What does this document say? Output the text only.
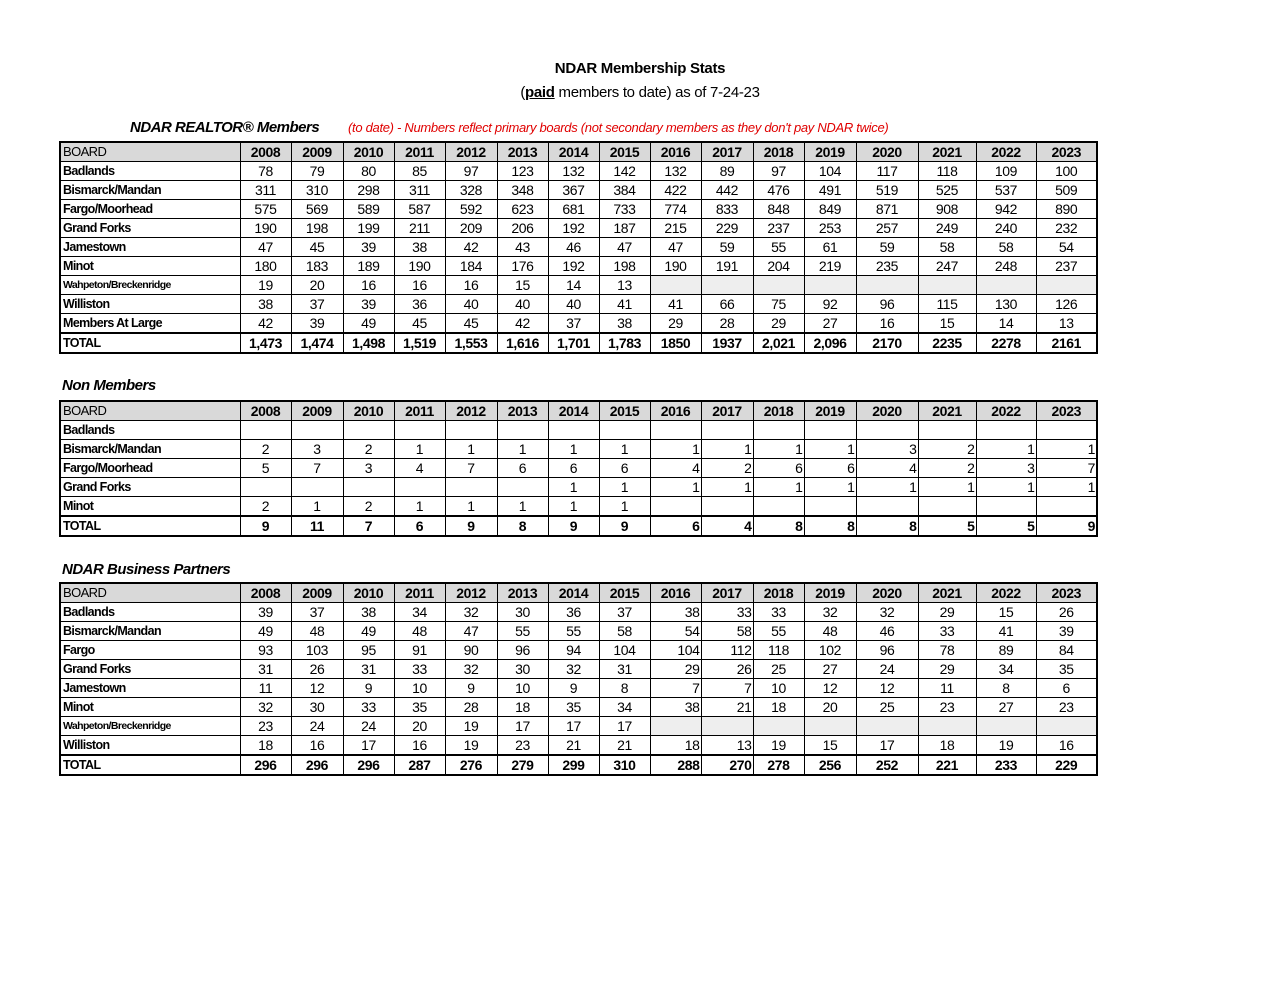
NDAR Membership Stats
(paid members to date) as of 7-24-23
NDAR REALTOR® Members (to date) - Numbers reflect primary boards (not secondary members as they don't pay NDAR twice)
BOARD	2008	2009	2010	2011	2012	2013	2014	2015	2016	2017	2018	2019	2020	2021	2022	2023
Badlands	78	79	80	85	97	123	132	142	132	89	97	104	117	118	109	100
Bismarck/Mandan	311	310	298	311	328	348	367	384	422	442	476	491	519	525	537	509
Fargo/Moorhead	575	569	589	587	592	623	681	733	774	833	848	849	871	908	942	890
Grand Forks	190	198	199	211	209	206	192	187	215	229	237	253	257	249	240	232
Jamestown	47	45	39	38	42	43	46	47	47	59	55	61	59	58	58	54
Minot	180	183	189	190	184	176	192	198	190	191	204	219	235	247	248	237
Wahpeton/Breckenridge	19	20	16	16	16	15	14	13								
Williston	38	37	39	36	40	40	40	41	41	66	75	92	96	115	130	126
Members At Large	42	39	49	45	45	42	37	38	29	28	29	27	16	15	14	13
TOTAL	1,473	1,474	1,498	1,519	1,553	1,616	1,701	1,783	1850	1937	2,021	2,096	2170	2235	2278	2161
Non Members
BOARD	2008	2009	2010	2011	2012	2013	2014	2015	2016	2017	2018	2019	2020	2021	2022	2023
Badlands																
Bismarck/Mandan	2	3	2	1	1	1	1	1	1	1	1	1	3	2	1	1
Fargo/Moorhead	5	7	3	4	7	6	6	6	4	2	6	6	4	2	3	7
Grand Forks							1	1	1	1	1	1	1	1	1	1
Minot	2	1	2	1	1	1	1	1								
TOTAL	9	11	7	6	9	8	9	9	6	4	8	8	8	5	5	9
NDAR Business Partners
BOARD	2008	2009	2010	2011	2012	2013	2014	2015	2016	2017	2018	2019	2020	2021	2022	2023
Badlands	39	37	38	34	32	30	36	37	38	33	33	32	32	29	15	26
Bismarck/Mandan	49	48	49	48	47	55	55	58	54	58	55	48	46	33	41	39
Fargo	93	103	95	91	90	96	94	104	104	112	118	102	96	78	89	84
Grand Forks	31	26	31	33	32	30	32	31	29	26	25	27	24	29	34	35
Jamestown	11	12	9	10	9	10	9	8	7	7	10	12	12	11	8	6
Minot	32	30	33	35	28	18	35	34	38	21	18	20	25	23	27	23
Wahpeton/Breckenridge	23	24	24	20	19	17	17	17								
Williston	18	16	17	16	19	23	21	21	18	13	19	15	17	18	19	16
TOTAL	296	296	296	287	276	279	299	310	288	270	278	256	252	221	233	229
